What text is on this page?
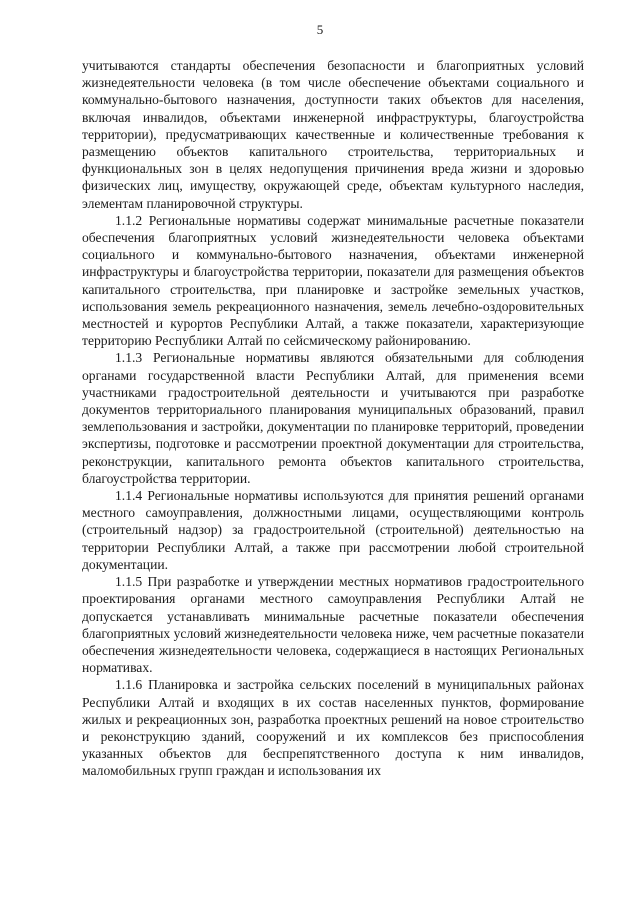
5

учитываются стандарты обеспечения безопасности и благоприятных условий жизнедеятельности человека (в том числе обеспечение объектами социального и коммунально-бытового назначения, доступности таких объектов для населения, включая инвалидов, объектами инженерной инфраструктуры, благоустройства территории), предусматривающих качественные и количественные требования к размещению объектов капитального строительства, территориальных и функциональных зон в целях недопущения причинения вреда жизни и здоровью физических лиц, имуществу, окружающей среде, объектам культурного наследия, элементам планировочной структуры.

1.1.2 Региональные нормативы содержат минимальные расчетные показатели обеспечения благоприятных условий жизнедеятельности человека объектами социального и коммунально-бытового назначения, объектами инженерной инфраструктуры и благоустройства территории, показатели для размещения объектов капитального строительства, при планировке и застройке земельных участков, использования земель рекреационного назначения, земель лечебно-оздоровительных местностей и курортов Республики Алтай, а также показатели, характеризующие территорию Республики Алтай по сейсмическому районированию.

1.1.3 Региональные нормативы являются обязательными для соблюдения органами государственной власти Республики Алтай, для применения всеми участниками градостроительной деятельности и учитываются при разработке документов территориального планирования муниципальных образований, правил землепользования и застройки, документации по планировке территорий, проведении экспертизы, подготовке и рассмотрении проектной документации для строительства, реконструкции, капитального ремонта объектов капитального строительства, благоустройства территории.

1.1.4 Региональные нормативы используются для принятия решений органами местного самоуправления, должностными лицами, осуществляющими контроль (строительный надзор) за градостроительной (строительной) деятельностью на территории Республики Алтай, а также при рассмотрении любой строительной документации.

1.1.5 При разработке и утверждении местных нормативов градостроительного проектирования органами местного самоуправления Республики Алтай не допускается устанавливать минимальные расчетные показатели обеспечения благоприятных условий жизнедеятельности человека ниже, чем расчетные показатели обеспечения жизнедеятельности человека, содержащиеся в настоящих Региональных нормативах.

1.1.6 Планировка и застройка сельских поселений в муниципальных районах Республики Алтай и входящих в их состав населенных пунктов, формирование жилых и рекреационных зон, разработка проектных решений на новое строительство и реконструкцию зданий, сооружений и их комплексов без приспособления указанных объектов для беспрепятственного доступа к ним инвалидов, маломобильных групп граждан и использования их
